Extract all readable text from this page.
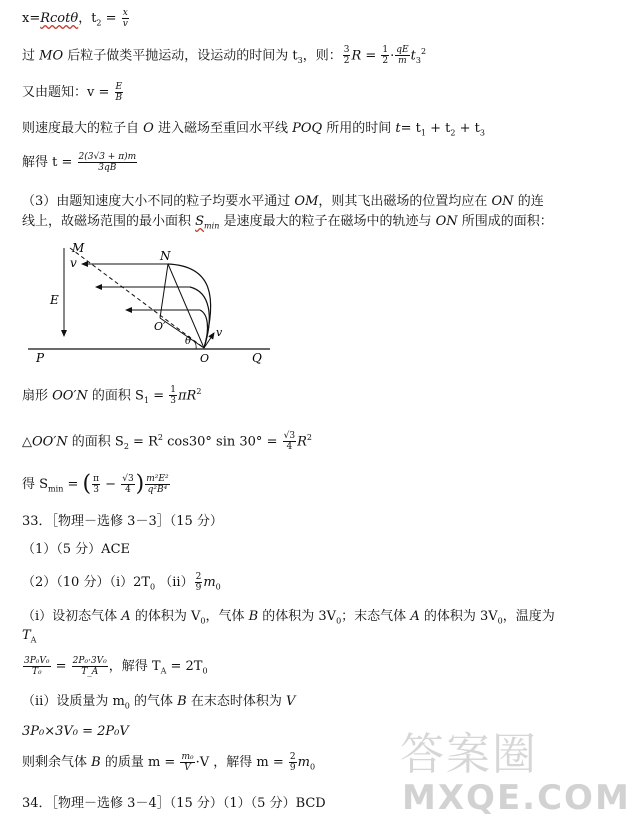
x=Rcotθ，$t_2 = \frac{x}{v}$
过 MO 后粒子做类平抛运动，设运动的时间为 $t_3$，则： $\frac{3}{2}$ $R = \frac{1}{2} \cdot \frac{qE}{m} t_3^2$
又由题知：$v = \frac{E}{B}$
则速度最大的粒子自 O 进入磁场至重回水平线 POQ 所用的时间 $t= t_1 + t_2 + t_3$
解得 $t = \frac{2(3√3 + \pi)m}{3qB}$
（3）由题知速度大小不同的粒子均要水平通过 OM，则其飞出磁场的位置均应在 ON 的连
线上，故磁场范围的最小面积 $S_{min}$ 是速度最大的粒子在磁场中的轨迹与 ON 所围成的面积：
M
N
v
E
O′
θ
v
P	O	Q
扇形 OO′N 的面积 $S_1 = \frac{1}{3} \pi R^2$
△OO′N 的面积 $S_2 = R^2$ cos30° $\sin 30^\circ = \frac{√3}{4} R^2$
得 $S_{min}$ = ( $\frac{\pi}{3} - \frac{√3}{4}$ ) $\frac{\text{m²E²}}{\text{q²B⁴}}$
33．［物理－选修 3－3］（15 分）
（1）（5 分）ACE
（2）（10 分）$(i)2T_0$ $(ii) \frac{2}{9} m_0$
（i）设初态气体 A 的体积为 $V_0$，气体 B 的体积为 $3V_0$；末态气体 A 的体积为 $3V_0$，温度为
$T_A$
$\frac{\text{3P₀V₀}}{\text{T₀}} = \frac{\text{2P₀·3V₀}}{T\_A}$ ，解得 $T_A = 2T_0$
（ii）设质量为 $m_0$ 的气体 B 在末态时体积为 V
3P₀×3V₀ = 2P₀V
则剩余气体 B 的质量 $m = \frac{\text{m₀}}{V} \cdot V$ ，解得 $m = \frac{2}{9} m_0$
34．［物理－选修 3－4］（15 分）（1）（5 分）BCD
答案圈
MXQE.COM
